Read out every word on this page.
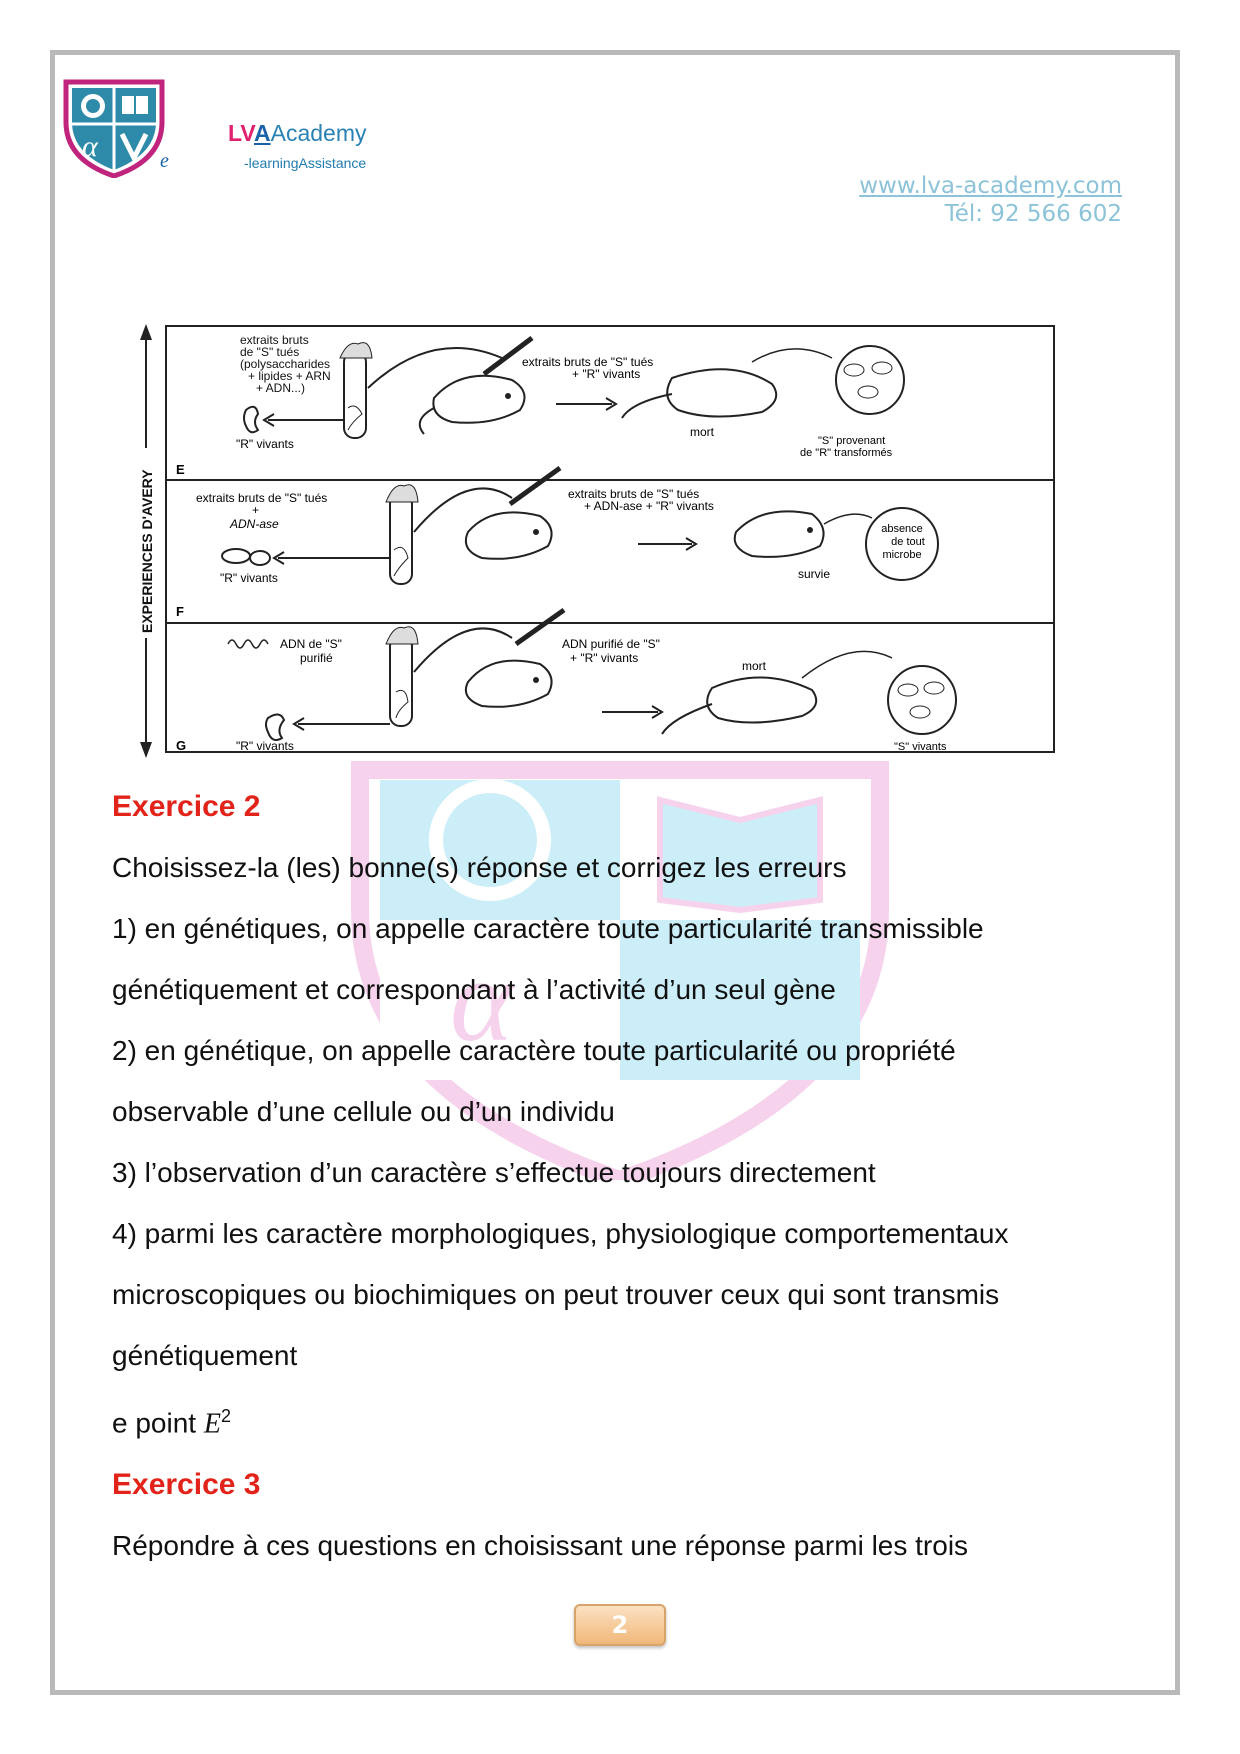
α	e
LVAAcademy
-learningAssistance
www.lva-academy.com
Tél: 92 566 602
EXPERIENCES D'AVERY E
extraits bruts de "S" tués (polysaccharides + lipides + ARN + ADN...)
"R" vivants
extraits bruts de "S" tués + "R" vivants
mort
"S" provenant de "R" transformés
F
extraits bruts de "S" tués + ADN-ase
"R" vivants
extraits bruts de "S" tués + ADN-ase + "R" vivants
survie
absence de tout microbe
G
ADN de "S" purifié
"R" vivants
ADN purifié de "S" + "R" vivants
mort
"S" vivants
α
Exercice 2
Choisissez-la (les) bonne(s) réponse et corrigez les erreurs
1) en génétiques, on appelle caractère toute particularité transmissible
génétiquement et correspondant à l’activité d’un seul gène
2) en génétique, on appelle caractère toute particularité ou propriété
observable d’une cellule ou d’un individu
3) l’observation d’un caractère s’effectue toujours directement
4) parmi les caractère morphologiques, physiologique comportementaux
microscopiques ou biochimiques on peut trouver ceux qui sont transmis
génétiquement
e point $E^2$
Exercice 3
Répondre à ces questions en choisissant une réponse parmi les trois
2
